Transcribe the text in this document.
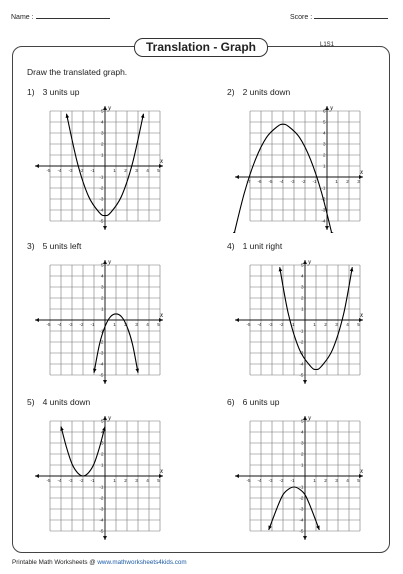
Name :	Score :
Translation - Graph	L1S1
Draw the translated graph.
1) 3 units up	2) 2 units down
3) 5 units left	4) 1 unit right
5) 4 units down	6) 6 units up
x
y
-5 -4 -3 -2 -1	1 2 3 4 5
5
4
3
2
1
-1
-2
-3
-4
-5
x
y
-7 -6 -5 -4 -3 -2 -1	1 2 3
6
5
4
3
2
1
-1
-2
-3
-4
x
y
-5 -4 -3 -2 -1	1 2 3 4 5
5
4
3
2
1
-1
-2
-3
-4
-5
x
y
-5 -4 -3 -2 -1	1 2 3 4 5
5
4
3
2
1
-1
-2
-3
-4
-5
x
y
-5 -4 -3 -2 -1	1 2 3 4 5
5
4
3
2
1
-1
-2
-3
-4
-5
x
y
-5 -4 -3 -2 -1	1 2 3 4 5
5
4
3
2
1
-1
-2
-3
-4
-5
Printable Math Worksheets @ www.mathworksheets4kids.com
